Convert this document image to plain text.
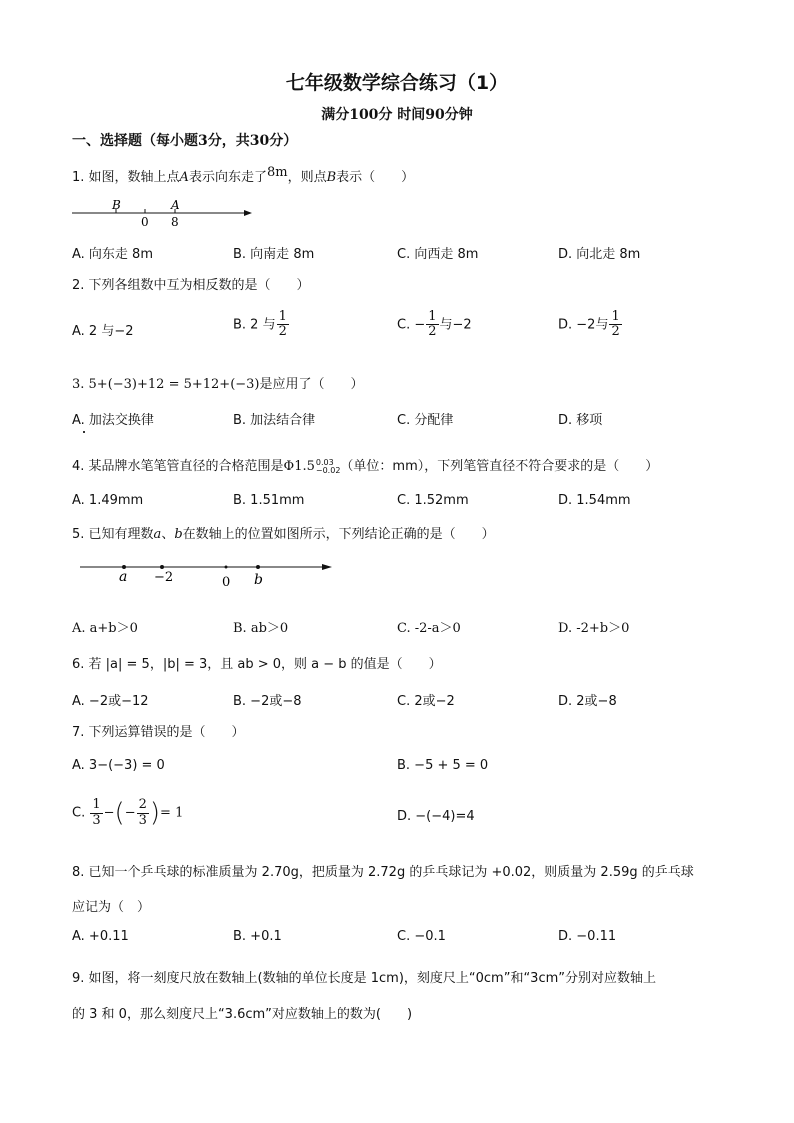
七年级数学综合练习（1）
满分100分 时间90分钟
一、选择题（每小题3分，共30分）
1. 如图，数轴上点A表示向东走了8m，则点B表示（　　）
B
0
A
8
A. 向东走 8m	B. 向南走 8m	C. 向西走 8m	D. 向北走 8m
2. 下列各组数中互为相反数的是（　　）
A. 2 与−2	B. 2 与 $\frac{1}{2}$	C. − $\frac{1}{2}$ 与−2	D. −2与 $\frac{1}{2}$
3. 5+(−3)+12 = 5+12+(−3)是应用了（　　）
A. 加法交换律	B. 加法结合律	C. 分配律	D. 移项
4. 某品牌水笔笔管直径的合格范围是Φ1.5 0.03
−0.02 （单位：mm），下列笔管直径不符合要求的是（　　）
A. 1.49mm	B. 1.51mm	C. 1.52mm	D. 1.54mm
5. 已知有理数a、b在数轴上的位置如图所示，下列结论正确的是（　　）
a −2	0 b
A. a+b＞0	B. ab＞0	C. -2-a＞0	D. -2+b＞0
6. 若 |a| = 5，|b| = 3，且 ab > 0，则 a − b 的值是（　　）
A. −2或−12	B. −2或−8	C. 2或−2	D. 2或−8
7. 下列运算错误的是（　　）
A. 3−(−3) = 0	B. −5 + 5 = 0
C. $\frac{1}{3}$ −(− $\frac{2}{3}$ )= 1	D. −(−4)=4
8. 已知一个乒乓球的标准质量为 2.70g，把质量为 2.72g 的乒乓球记为 +0.02，则质量为 2.59g 的乒乓球
应记为（　）
A. +0.11	B. +0.1	C. −0.1	D. −0.11
9. 如图，将一刻度尺放在数轴上(数轴的单位长度是 1cm)，刻度尺上“0cm”和“3cm”分别对应数轴上
的 3 和 0，那么刻度尺上“3.6cm”对应数轴上的数为(　　)
